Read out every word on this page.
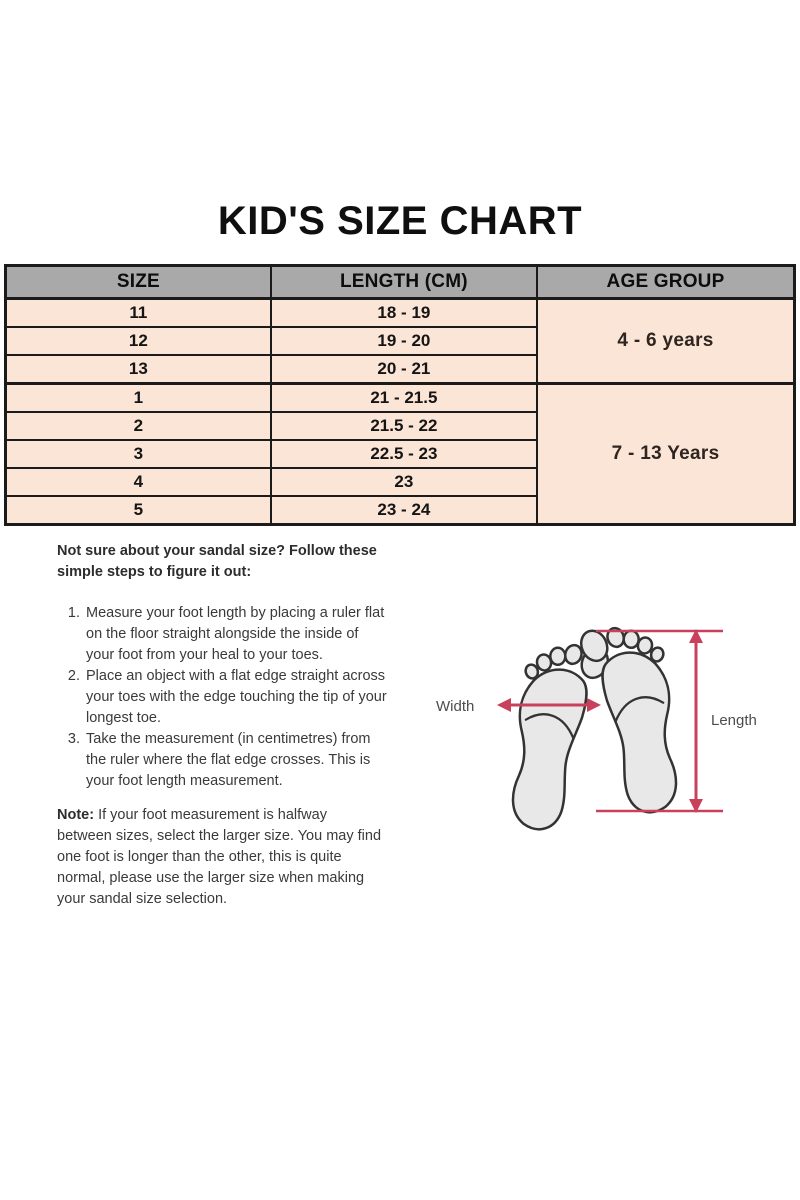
KID'S SIZE CHART
SIZE	LENGTH (CM)	AGE GROUP
11	18 - 19	4 - 6 years
12	19 - 20	
13	20 - 21	
1	21 - 21.5	7 - 13 Years
2	21.5 - 22	
3	22.5 - 23	
4	23	
5	23 - 24	

Not sure about your sandal size? Follow these
simple steps to figure it out:

1. Measure your foot length by placing a ruler flat
on the floor straight alongside the inside of
your foot from your heal to your toes.
2. Place an object with a flat edge straight across
your toes with the edge touching the tip of your
longest toe.
3. Take the measurement (in centimetres) from
the ruler where the flat edge crosses. This is
your foot length measurement.

Note: If your foot measurement is halfway
between sizes, select the larger size. You may find
one foot is longer than the other, this is quite
normal, please use the larger size when making
your sandal size selection.

Width
Length
